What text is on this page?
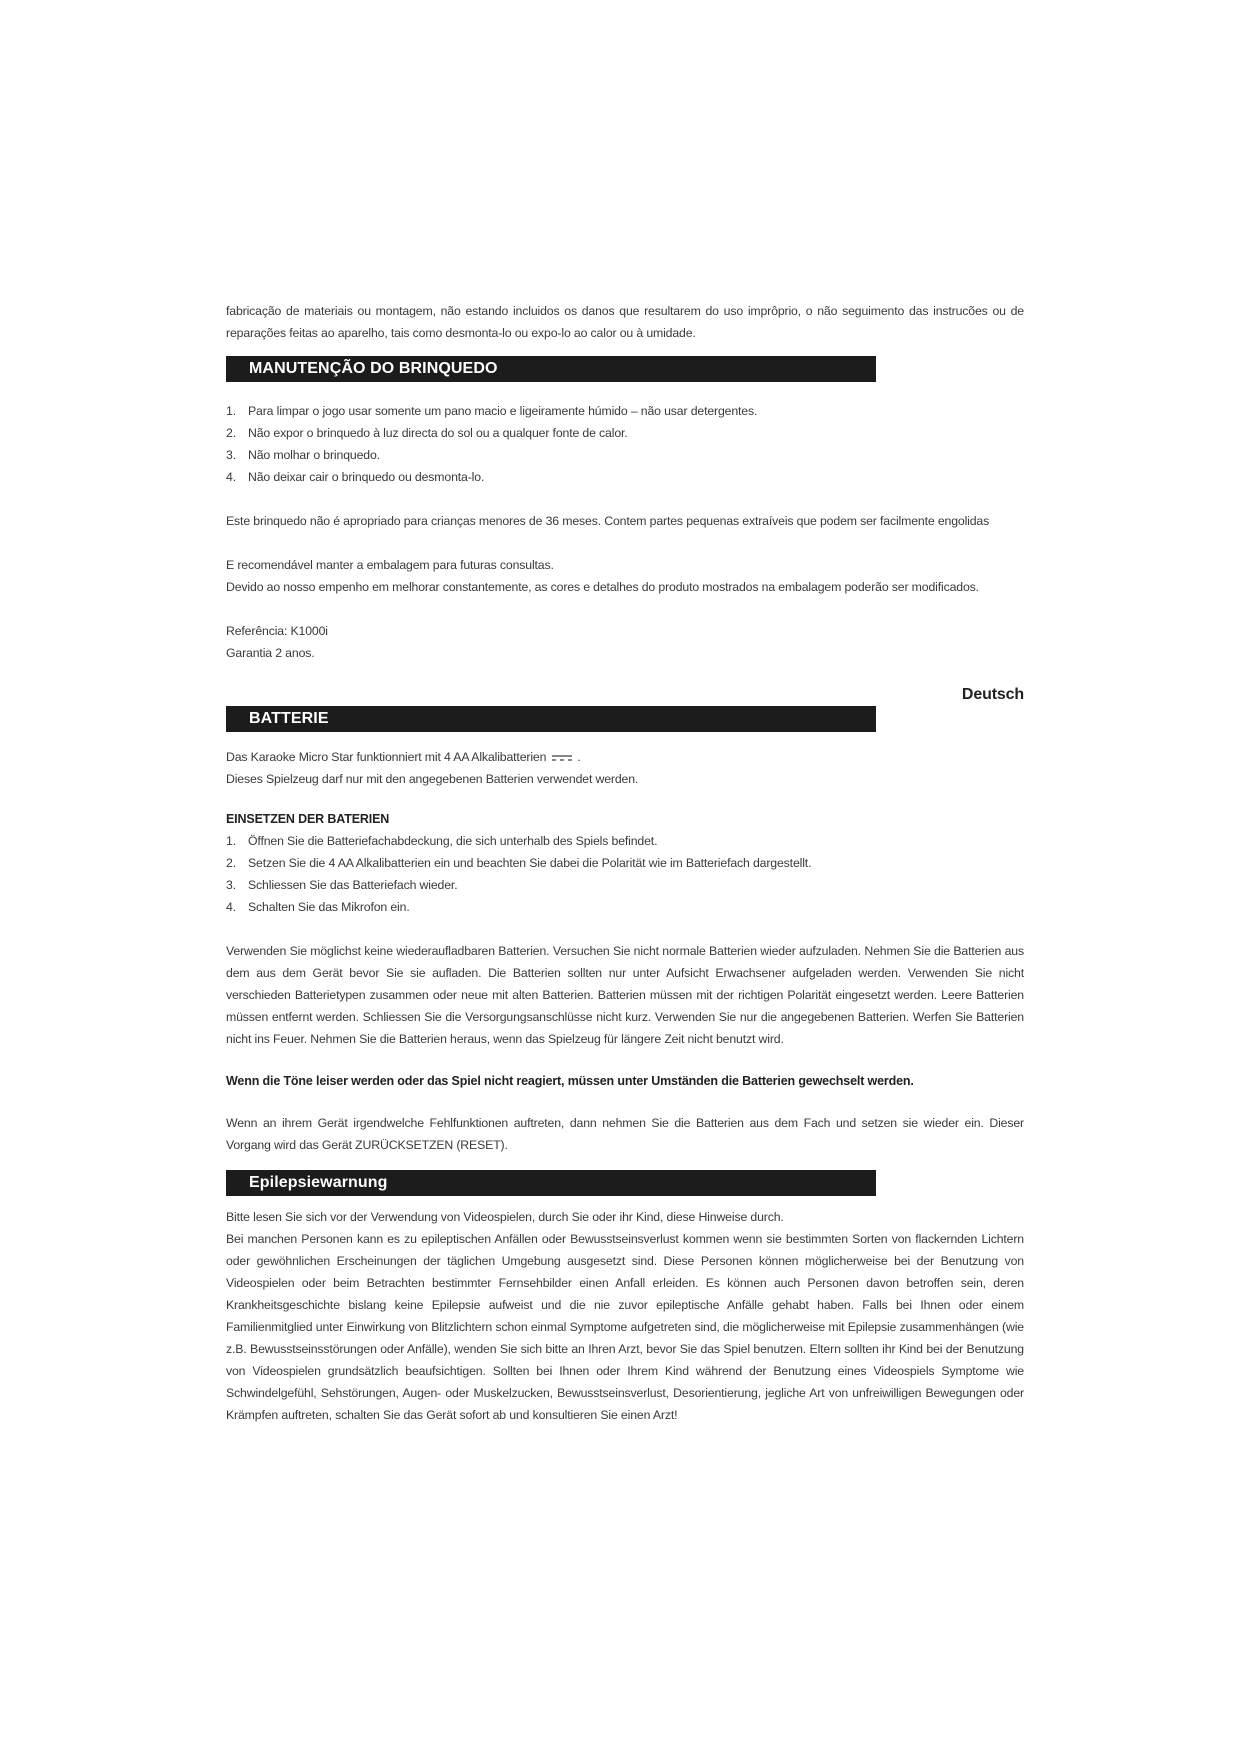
fabricação de materiais ou montagem, não estando incluidos os danos que resultarem do uso imprôprio, o não seguimento das instrucões ou de reparações feitas ao aparelho, tais como desmonta-lo ou expo-lo ao calor ou à umidade.

MANUTENÇÃO DO BRINQUEDO
1. Para limpar o jogo usar somente um pano macio e ligeiramente húmido – não usar detergentes.
2. Não expor o brinquedo à luz directa do sol ou a qualquer fonte de calor.
3. Não molhar o brinquedo.
4. Não deixar cair o brinquedo ou desmonta-lo.

Este brinquedo não é apropriado para crianças menores de 36 meses. Contem partes pequenas extraíveis que podem ser facilmente engolidas

E recomendável manter a embalagem para futuras consultas.

Devido ao nosso empenho em melhorar constantemente, as cores e detalhes do produto mostrados na embalagem poderão ser modificados.

Referência: K1000i

Garantia 2 anos.

Deutsch
BATTERIE

Das Karaoke Micro Star funktionniert mit 4 AA Alkalibatterien	.

Dieses Spielzeug darf nur mit den angegebenen Batterien verwendet werden.

EINSETZEN DER BATERIEN

1. Öffnen Sie die Batteriefachabdeckung, die sich unterhalb des Spiels befindet.
2. Setzen Sie die 4 AA Alkalibatterien ein und beachten Sie dabei die Polarität wie im Batteriefach dargestellt.
3. Schliessen Sie das Batteriefach wieder.
4. Schalten Sie das Mikrofon ein.

Verwenden Sie möglichst keine wiederaufladbaren Batterien. Versuchen Sie nicht normale Batterien wieder aufzuladen. Nehmen Sie die Batterien aus dem aus dem Gerät bevor Sie sie aufladen. Die Batterien sollten nur unter Aufsicht Erwachsener aufgeladen werden. Verwenden Sie nicht verschieden Batterietypen zusammen oder neue mit alten Batterien. Batterien müssen mit der richtigen Polarität eingesetzt werden. Leere Batterien müssen entfernt werden. Schliessen Sie die Versorgungsanschlüsse nicht kurz. Verwenden Sie nur die angegebenen Batterien. Werfen Sie Batterien nicht ins Feuer. Nehmen Sie die Batterien heraus, wenn das Spielzeug für längere Zeit nicht benutzt wird.

Wenn die Töne leiser werden oder das Spiel nicht reagiert, müssen unter Umständen die Batterien gewechselt werden.

Wenn an ihrem Gerät irgendwelche Fehlfunktionen auftreten, dann nehmen Sie die Batterien aus dem Fach und setzen sie wieder ein. Dieser Vorgang wird das Gerät ZURÜCKSETZEN (RESET).

Epilepsiewarnung

Bitte lesen Sie sich vor der Verwendung von Videospielen, durch Sie oder ihr Kind, diese Hinweise durch.

Bei manchen Personen kann es zu epileptischen Anfällen oder Bewusstseinsverlust kommen wenn sie bestimmten Sorten von flackernden Lichtern oder gewöhnlichen Erscheinungen der täglichen Umgebung ausgesetzt sind. Diese Personen können möglicherweise bei der Benutzung von Videospielen oder beim Betrachten bestimmter Fernsehbilder einen Anfall erleiden. Es können auch Personen davon betroffen sein, deren Krankheitsgeschichte bislang keine Epilepsie aufweist und die nie zuvor epileptische Anfälle gehabt haben. Falls bei Ihnen oder einem Familienmitglied unter Einwirkung von Blitzlichtern schon einmal Symptome aufgetreten sind, die möglicherweise mit Epilepsie zusammenhängen (wie z.B. Bewusstseinsstörungen oder Anfälle), wenden Sie sich bitte an Ihren Arzt, bevor Sie das Spiel benutzen. Eltern sollten ihr Kind bei der Benutzung von Videospielen grundsätzlich beaufsichtigen. Sollten bei Ihnen oder Ihrem Kind während der Benutzung eines Videospiels Symptome wie Schwindelgefühl, Sehstörungen, Augen- oder Muskelzucken, Bewusstseinsverlust, Desorientierung, jegliche Art von unfreiwilligen Bewegungen oder Krämpfen auftreten, schalten Sie das Gerät sofort ab und konsultieren Sie einen Arzt!
